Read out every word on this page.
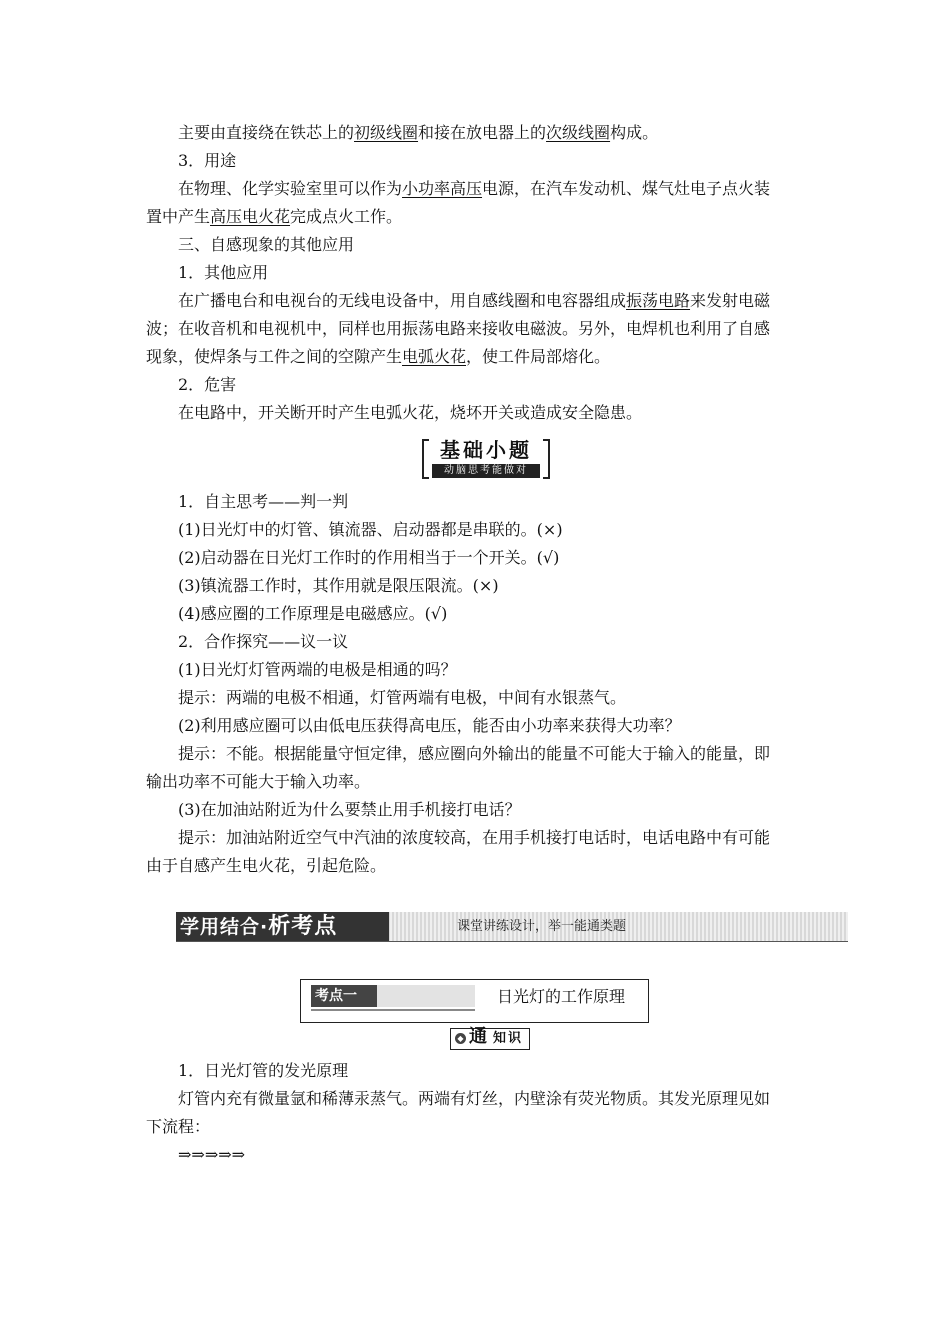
主要由直接绕在铁芯上的初级线圈和接在放电器上的次级线圈构成。
3．用途
在物理、化学实验室里可以作为小功率高压电源，在汽车发动机、煤气灶电子点火装
置中产生高压电火花完成点火工作。
三、自感现象的其他应用
1．其他应用
在广播电台和电视台的无线电设备中，用自感线圈和电容器组成振荡电路来发射电磁
波；在收音机和电视机中，同样也用振荡电路来接收电磁波。另外，电焊机也利用了自感
现象，使焊条与工件之间的空隙产生电弧火花，使工件局部熔化。
2．危害
在电路中，开关断开时产生电弧火花，烧坏开关或造成安全隐患。
基础小题
动脑思考能做对
1．自主思考——判一判
(1)日光灯中的灯管、镇流器、启动器都是串联的。(×)
(2)启动器在日光灯工作时的作用相当于一个开关。(√)
(3)镇流器工作时，其作用就是限压限流。(×)
(4)感应圈的工作原理是电磁感应。(√)
2．合作探究——议一议
(1)日光灯灯管两端的电极是相通的吗？
提示：两端的电极不相通，灯管两端有电极，中间有水银蒸气。
(2)利用感应圈可以由低电压获得高电压，能否由小功率来获得大功率？
提示：不能。根据能量守恒定律，感应圈向外输出的能量不可能大于输入的能量，即
输出功率不可能大于输入功率。
(3)在加油站附近为什么要禁止用手机接打电话？
提示：加油站附近空气中汽油的浓度较高，在用手机接打电话时，电话电路中有可能
由于自感产生电火花，引起危险。
学用结合·析考点	课堂讲练设计，举一能通类题
考点一	日光灯的工作原理
◆ 通 知识
1．日光灯管的发光原理
灯管内充有微量氩和稀薄汞蒸气。两端有灯丝，内壁涂有荧光物质。其发光原理见如
下流程：
⇒⇒⇒⇒⇒
